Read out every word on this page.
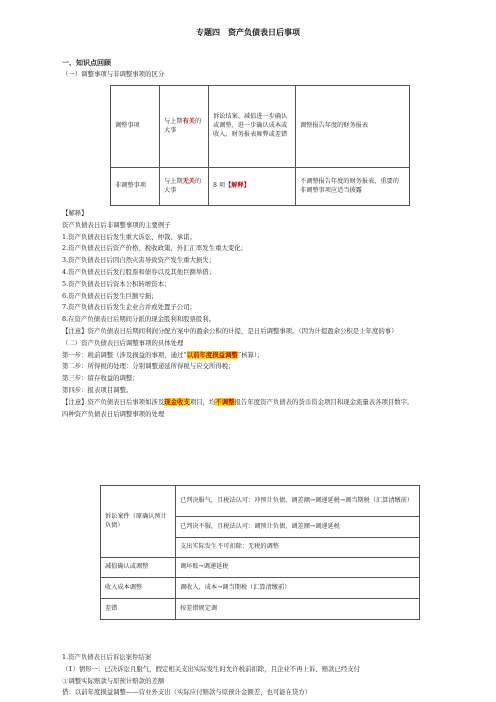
专题四　资产负债表日后事项
一、知识点回顾
（一）调整事项与非调整事项的区分
调整事项	与上期有关的大事	诉讼结案、减值进一步确认或调整、进一步确认成本或收入、财务报表舞弊或差错	调整报告年度的财务报表
非调整事项	与上期无关的大事	8 项【解释】	不调整报告年度的财务报表，重要的非调整事项应适当披露
【解释】
资产负债表日后非调整事项的主要例子
1.资产负债表日后发生重大诉讼、仲裁、承诺；
2.资产负债表日后资产价格、税收政策、外汇汇率发生重大变化；
3.资产负债表日后因自然灾害导致资产发生重大损失；
4.资产负债表日后发行股票和债券以及其他巨额举借；
5.资产负债表日后资本公积转增资本；
6.资产负债表日后发生巨额亏损；
7.资产负债表日后发生企业合并或处置子公司；
8.在资产负债表日后期间分派的现金股利和股票股利。
【注意】资产负债表日后期间利润分配方案中的盈余公积的计提，是日后调整事项。（因为计提盈余公积是上年度的事）
（二）资产负债表日后调整事项的具体处理
第一步：税前调整（涉及损益的事项，通过“以前年度损益调整”核算）；
第二步：所得税的处理：分别调整递延所得税与应交所得税；
第三步：留存收益的调整；
第四步：报表项目调整。
【注意】资产负债表日后事项如涉及现金收支项目，均不调整报告年度资产负债表的货币资金项目和现金流量表各项目数字。
四种资产负债表日后调整事项的处理
诉讼案件（原确认预计负债）	已判决服气，且税法认可：冲预计负债、调差额→调递延税→调当期税（汇算清缴前）
	已判决不服，且税法认可：调预计负债、调差额→调递延税
	支出实际发生不可扣除：无税的调整
减值确认或调整	调坏账→调递延税
收入成本调整	调收入、成本→调当期税（汇算清缴前）
差错	按差错规定调
1.资产负债表日后诉讼案件结案
（1）情形一：已决诉讼且服气，假定相关支出实际发生时允许税前扣除，且企业不再上诉、赔款已经支付
①调整实际赔款与原预计赔款的差额
借：以前年度损益调整——营业外支出（实际应付赔款与原预计金额差，也可能在贷方）
